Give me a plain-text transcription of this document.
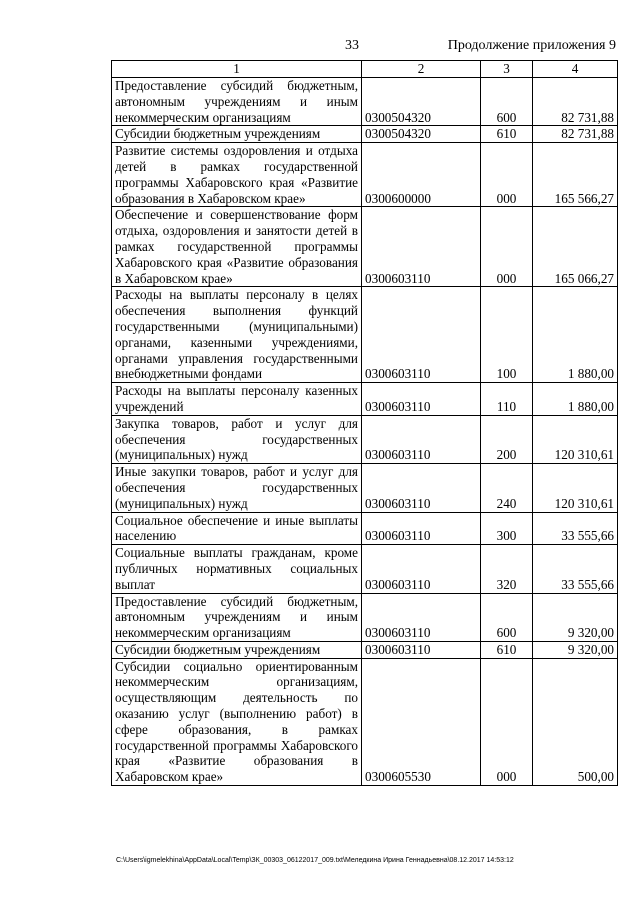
33	Продолжение приложения 9
1	2	3	4
Предоставление субсидий бюджетным, автономным учреждениям и иным некоммерческим организациям	0300504320	600	82 731,88
Субсидии бюджетным учреждениям	0300504320	610	82 731,88
Развитие системы оздоровления и отдыха детей в рамках государственной программы Хабаровского края «Развитие образования в Хабаровском крае»	0300600000	000	165 566,27
Обеспечение и совершенствование форм отдыха, оздоровления и занятости детей в рамках государственной программы Хабаровского края «Развитие образования в Хабаровском крае»	0300603110	000	165 066,27
Расходы на выплаты персоналу в целях обеспечения выполнения функций государственными (муниципальными) органами, казенными учреждениями, органами управления государственными внебюджетными фондами	0300603110	100	1 880,00
Расходы на выплаты персоналу казенных учреждений	0300603110	110	1 880,00
Закупка товаров, работ и услуг для обеспечения государственных (муниципальных) нужд	0300603110	200	120 310,61
Иные закупки товаров, работ и услуг для обеспечения государственных (муниципальных) нужд	0300603110	240	120 310,61
Социальное обеспечение и иные выплаты населению	0300603110	300	33 555,66
Социальные выплаты гражданам, кроме публичных нормативных социальных выплат	0300603110	320	33 555,66
Предоставление субсидий бюджетным, автономным учреждениям и иным некоммерческим организациям	0300603110	600	9 320,00
Субсидии бюджетным учреждениям	0300603110	610	9 320,00
Субсидии социально ориентированным некоммерческим организациям, осуществляющим деятельность по оказанию услуг (выполнению работ) в сфере образования, в рамках государственной программы Хабаровского края «Развитие образования в Хабаровском крае»	0300605530	000	500,00
C:\Users\igmelekhina\AppData\Local\Temp\ЗК_00303_06122017_009.txt\Меледкина Ирина Геннадьевна\08.12.2017 14:53:12
